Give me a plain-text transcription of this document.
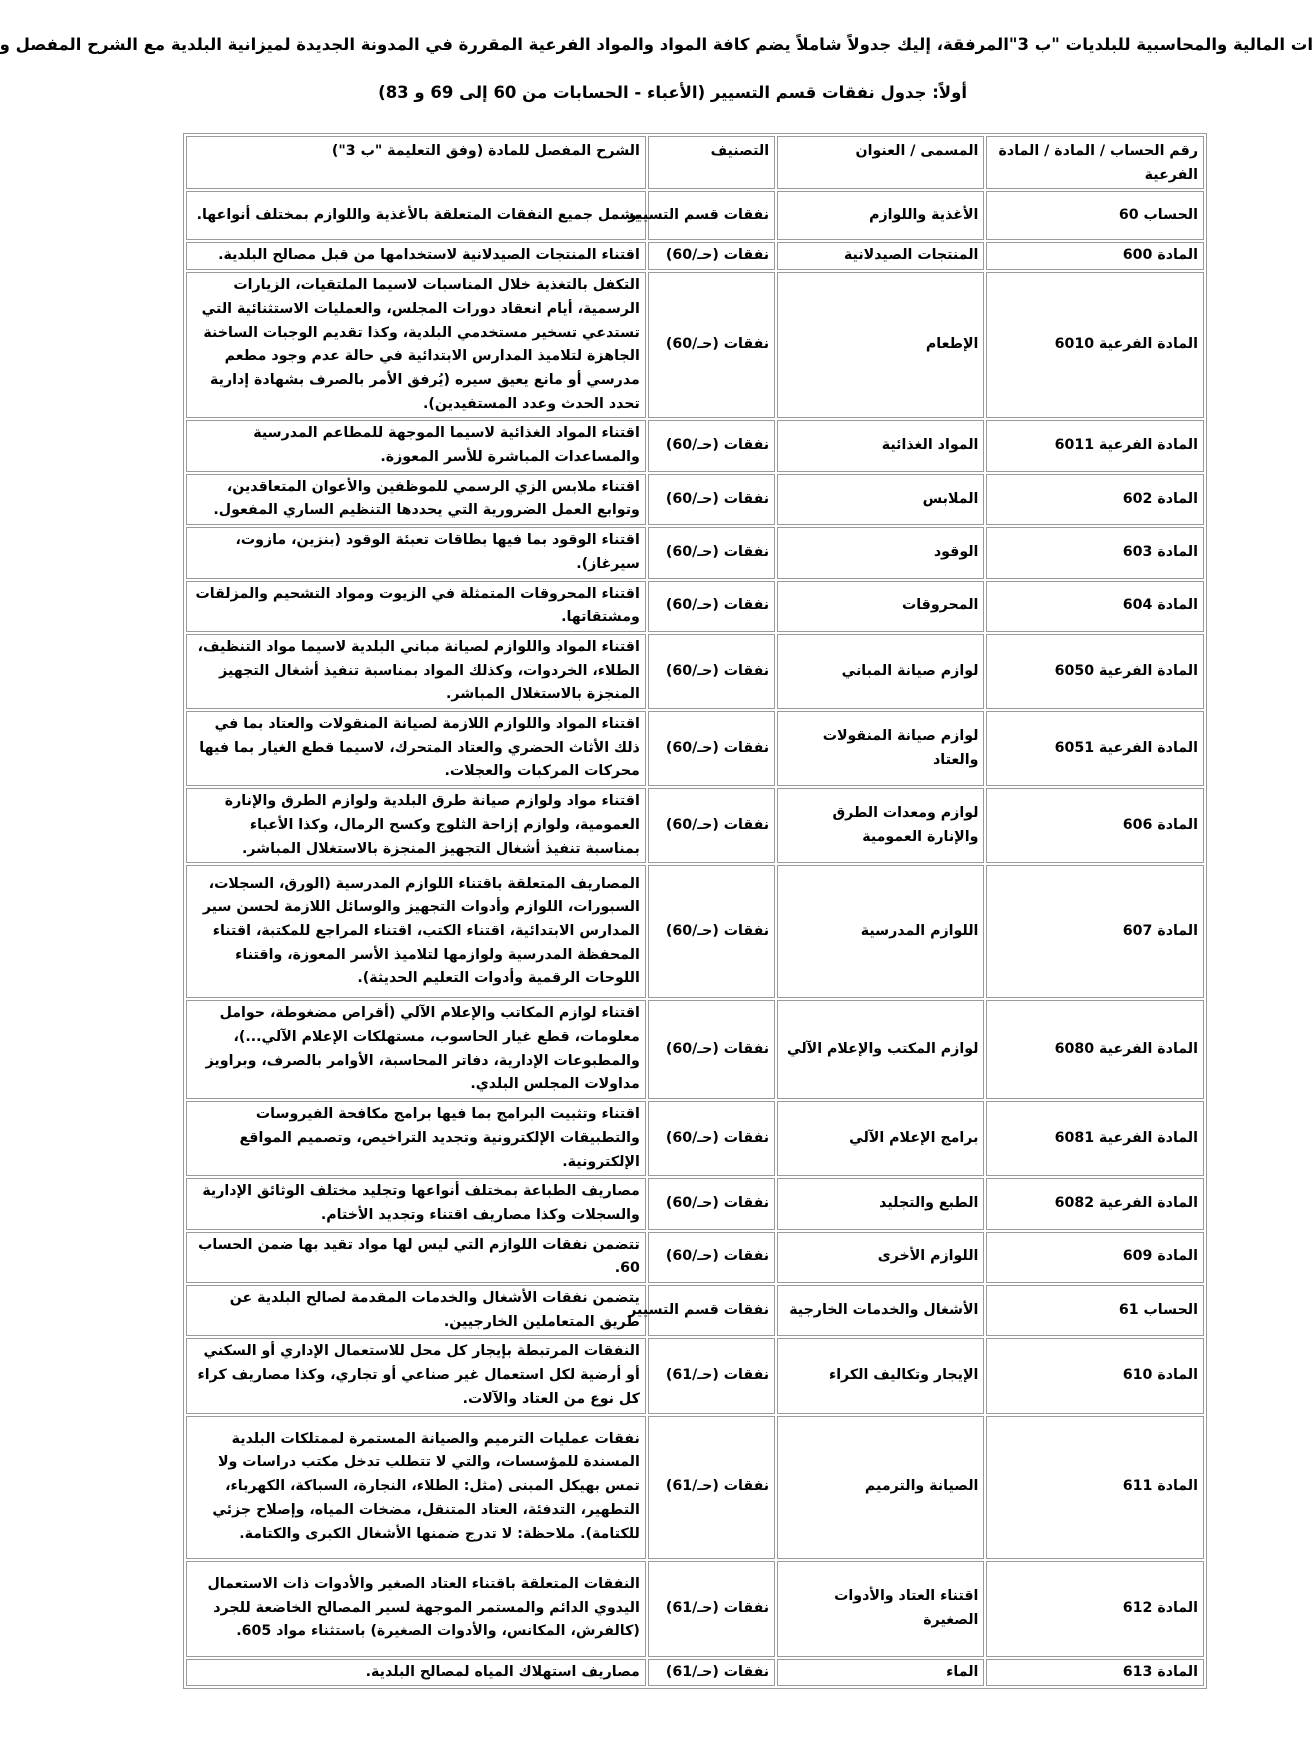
ات المالية والمحاسبية للبلديات "ب 3"المرفقة، إليك جدولاً شاملاً يضم كافة المواد والمواد الفرعية المقررة في المدونة الجديدة لميزانية البلدية مع الشرح المفصل و
أولاً: جدول نفقات قسم التسيير (الأعباء - الحسابات من 60 إلى 69 و 83)
رقم الحساب / المادة / المادة الفرعية	المسمى / العنوان	التصنيف	الشرح المفصل للمادة (وفق التعليمة "ب 3")
الحساب 60	الأغذية واللوازم	نفقات قسم التسيير	يشمل جميع النفقات المتعلقة بالأغذية واللوازم بمختلف أنواعها.
المادة 600	المنتجات الصيدلانية	نفقات (حـ/60)	اقتناء المنتجات الصيدلانية لاستخدامها من قبل مصالح البلدية.
المادة الفرعية 6010	الإطعام	نفقات (حـ/60)	التكفل بالتغذية خلال المناسبات لاسيما الملتقيات، الزيارات الرسمية، أيام انعقاد دورات المجلس، والعمليات الاستثنائية التي تستدعي تسخير مستخدمي البلدية، وكذا تقديم الوجبات الساخنة الجاهزة لتلاميذ المدارس الابتدائية في حالة عدم وجود مطعم مدرسي أو مانع يعيق سيره (يُرفق الأمر بالصرف بشهادة إدارية تحدد الحدث وعدد المستفيدين).
المادة الفرعية 6011	المواد الغذائية	نفقات (حـ/60)	اقتناء المواد الغذائية لاسيما الموجهة للمطاعم المدرسية والمساعدات المباشرة للأسر المعوزة.
المادة 602	الملابس	نفقات (حـ/60)	اقتناء ملابس الزي الرسمي للموظفين والأعوان المتعاقدين، وتوابع العمل الضرورية التي يحددها التنظيم الساري المفعول.
المادة 603	الوقود	نفقات (حـ/60)	اقتناء الوقود بما فيها بطاقات تعبئة الوقود (بنزين، مازوت، سيرغاز).
المادة 604	المحروقات	نفقات (حـ/60)	اقتناء المحروقات المتمثلة في الزيوت ومواد التشحيم والمزلقات ومشتقاتها.
المادة الفرعية 6050	لوازم صيانة المباني	نفقات (حـ/60)	اقتناء المواد واللوازم لصيانة مباني البلدية لاسيما مواد التنظيف، الطلاء، الخردوات، وكذلك المواد بمناسبة تنفيذ أشغال التجهيز المنجزة بالاستغلال المباشر.
المادة الفرعية 6051	لوازم صيانة المنقولات والعتاد	نفقات (حـ/60)	اقتناء المواد واللوازم اللازمة لصيانة المنقولات والعتاد بما في ذلك الأثاث الحضري والعتاد المتحرك، لاسيما قطع الغيار بما فيها محركات المركبات والعجلات.
المادة 606	لوازم ومعدات الطرق والإنارة العمومية	نفقات (حـ/60)	اقتناء مواد ولوازم صيانة طرق البلدية ولوازم الطرق والإنارة العمومية، ولوازم إزاحة الثلوج وكسح الرمال، وكذا الأعباء بمناسبة تنفيذ أشغال التجهيز المنجزة بالاستغلال المباشر.
المادة 607	اللوازم المدرسية	نفقات (حـ/60)	المصاريف المتعلقة باقتناء اللوازم المدرسية (الورق، السجلات، السبورات، اللوازم وأدوات التجهيز والوسائل اللازمة لحسن سير المدارس الابتدائية، اقتناء الكتب، اقتناء المراجع للمكتبة، اقتناء المحفظة المدرسية ولوازمها لتلاميذ الأسر المعوزة، واقتناء اللوحات الرقمية وأدوات التعليم الحديثة).
المادة الفرعية 6080	لوازم المكتب والإعلام الآلي	نفقات (حـ/60)	اقتناء لوازم المكاتب والإعلام الآلي (أقراص مضغوطة، حوامل معلومات، قطع غيار الحاسوب، مستهلكات الإعلام الآلي...)، والمطبوعات الإدارية، دفاتر المحاسبة، الأوامر بالصرف، وبراويز مداولات المجلس البلدي.
المادة الفرعية 6081	برامج الإعلام الآلي	نفقات (حـ/60)	اقتناء وتثبيت البرامج بما فيها برامج مكافحة الفيروسات والتطبيقات الإلكترونية وتجديد التراخيص، وتصميم المواقع الإلكترونية.
المادة الفرعية 6082	الطبع والتجليد	نفقات (حـ/60)	مصاريف الطباعة بمختلف أنواعها وتجليد مختلف الوثائق الإدارية والسجلات وكذا مصاريف اقتناء وتجديد الأختام.
المادة 609	اللوازم الأخرى	نفقات (حـ/60)	تتضمن نفقات اللوازم التي ليس لها مواد تقيد بها ضمن الحساب 60.
الحساب 61	الأشغال والخدمات الخارجية	نفقات قسم التسيير	يتضمن نفقات الأشغال والخدمات المقدمة لصالح البلدية عن طريق المتعاملين الخارجيين.
المادة 610	الإيجار وتكاليف الكراء	نفقات (حـ/61)	النفقات المرتبطة بإيجار كل محل للاستعمال الإداري أو السكني أو أرضية لكل استعمال غير صناعي أو تجاري، وكذا مصاريف كراء كل نوع من العتاد والآلات.
المادة 611	الصيانة والترميم	نفقات (حـ/61)	نفقات عمليات الترميم والصيانة المستمرة لممتلكات البلدية المسندة للمؤسسات، والتي لا تتطلب تدخل مكتب دراسات ولا تمس بهيكل المبنى (مثل: الطلاء، النجارة، السباكة، الكهرباء، التطهير، التدفئة، العتاد المتنقل، مضخات المياه، وإصلاح جزئي للكتامة). ملاحظة: لا تدرج ضمنها الأشغال الكبرى والكتامة.
المادة 612	اقتناء العتاد والأدوات الصغيرة	نفقات (حـ/61)	النفقات المتعلقة باقتناء العتاد الصغير والأدوات ذات الاستعمال اليدوي الدائم والمستمر الموجهة لسير المصالح الخاضعة للجرد (كالفرش، المكانس، والأدوات الصغيرة) باستثناء مواد 605.
المادة 613	الماء	نفقات (حـ/61)	مصاريف استهلاك المياه لمصالح البلدية.
